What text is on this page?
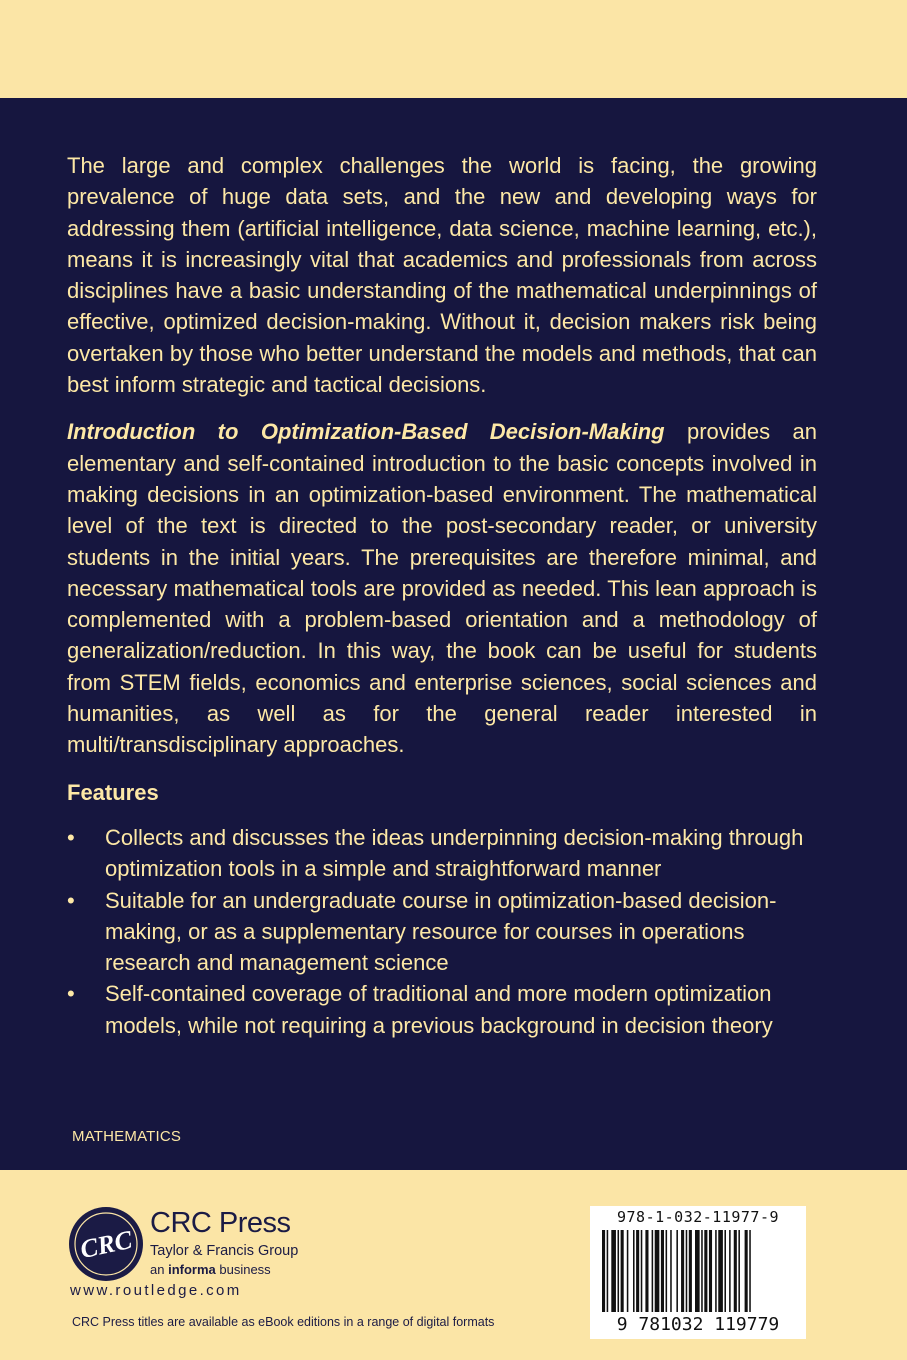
The large and complex challenges the world is facing, the growing prevalence of huge data sets, and the new and developing ways for addressing them (artificial intelligence, data science, machine learning, etc.), means it is increasingly vital that academics and professionals from across disciplines have a basic understanding of the mathematical underpinnings of effective, optimized decision-making. Without it, decision makers risk being overtaken by those who better understand the models and methods, that can best inform strategic and tactical decisions.

Introduction to Optimization-Based Decision-Making provides an elementary and self-contained introduction to the basic concepts involved in making decisions in an optimization-based environment. The mathematical level of the text is directed to the post-secondary reader, or university students in the initial years. The prerequisites are therefore minimal, and necessary mathematical tools are provided as needed. This lean approach is complemented with a problem-based orientation and a methodology of generalization/reduction. In this way, the book can be useful for students from STEM fields, economics and enterprise sciences, social sciences and humanities, as well as for the general reader interested in multi/transdisciplinary approaches.

Features
• Collects and discusses the ideas underpinning decision-making through optimization tools in a simple and straightforward manner
• Suitable for an undergraduate course in optimization-based decision-making, or as a supplementary resource for courses in operations research and management science
• Self-contained coverage of traditional and more modern optimization models, while not requiring a previous background in decision theory
MATHEMATICS
CRC
CRC Press
Taylor & Francis Group
an informa business
www.routledge.com
CRC Press titles are available as eBook editions in a range of digital formats
978-1-032-11977-9
9 781032 119779
